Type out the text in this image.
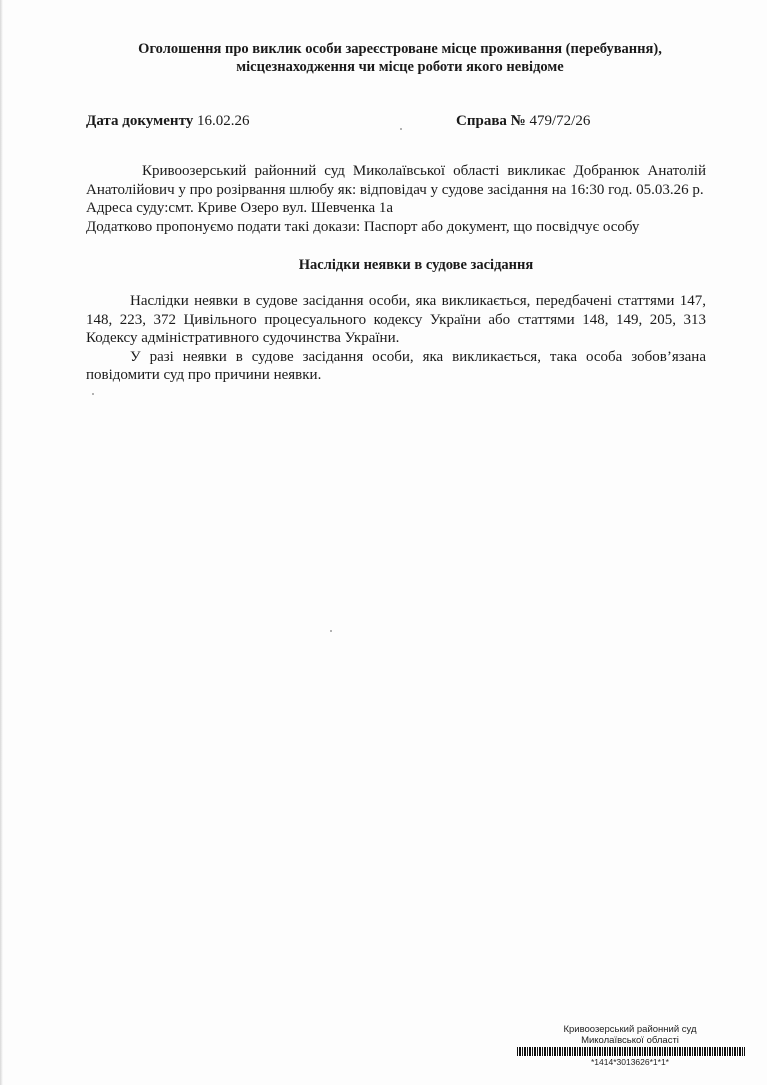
Оголошення про виклик особи зареєстроване місце проживання (перебування),
місцезнаходження чи місце роботи якого невідоме
Дата документу 16.02.26	Справа № 479/72/26
Кривоозерський районний суд Миколаївської області викликає Добранюк Анатолій
Анатолійович у про розірвання шлюбу як: відповідач у судове засідання на 16:30 год. 05.03.26 р.
Адреса суду:смт. Криве Озеро вул. Шевченка 1а
Додатково пропонуємо подати такі докази: Паспорт або документ, що посвідчує особу
Наслідки неявки в судове засідання
Наслідки неявки в судове засідання особи, яка викликається, передбачені статтями 147, 148, 223, 372 Цивільного процесуального кодексу України або статтями 148, 149, 205, 313 Кодексу адміністративного судочинства України.
У разі неявки в судове засідання особи, яка викликається, така особа зобов’язана повідомити суд про причини неявки.
Кривоозерський районний суд
Миколаївської області
*1414*3013626*1*1*
